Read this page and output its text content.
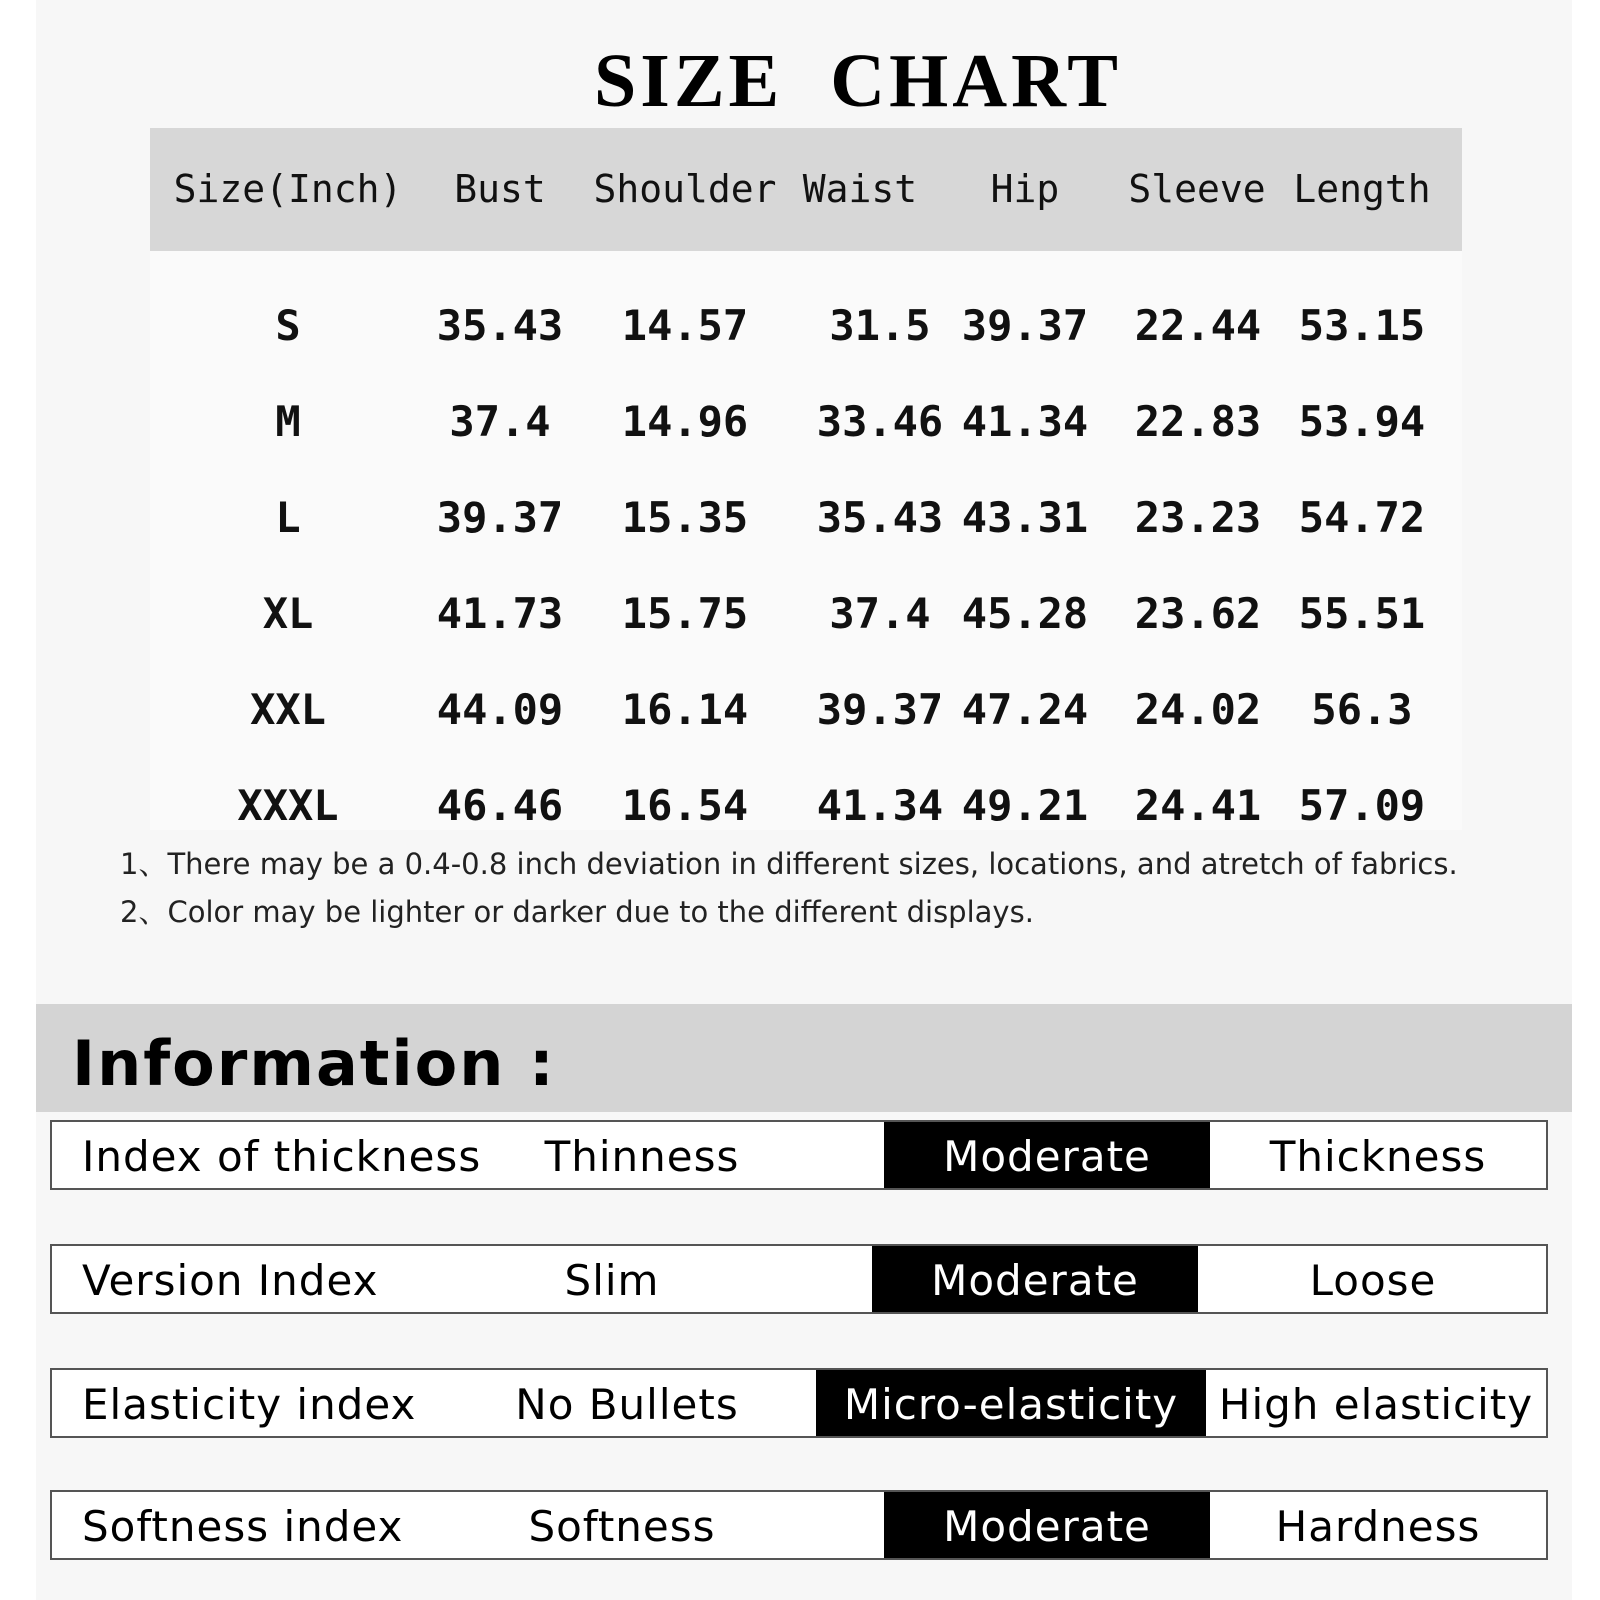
SIZE CHART
Size(Inch)	Bust	Shoulder Waist	Hip	Sleeve Length
S	35.43	14.57	31.5 39.37	22.44 53.15
M	37.4	14.96	33.46 41.34	22.83 53.94
L	39.37	15.35	35.43 43.31	23.23 54.72
XL	41.73	15.75	37.4 45.28	23.62 55.51
XXL	44.09	16.14	39.37 47.24	24.02	56.3
XXXL	46.46	16.54	41.34 49.21	24.41 57.09
1、There may be a 0.4-0.8 inch deviation in different sizes, locations, and atretch of fabrics.
2、Color may be lighter or darker due to the different displays.
Information :
Index of thickness	Thinness	Moderate	Thickness
Version Index	Slim	Moderate	Loose
Elasticity index	No Bullets	Micro-elasticity High elasticity
Softness index	Softness	Moderate	Hardness
